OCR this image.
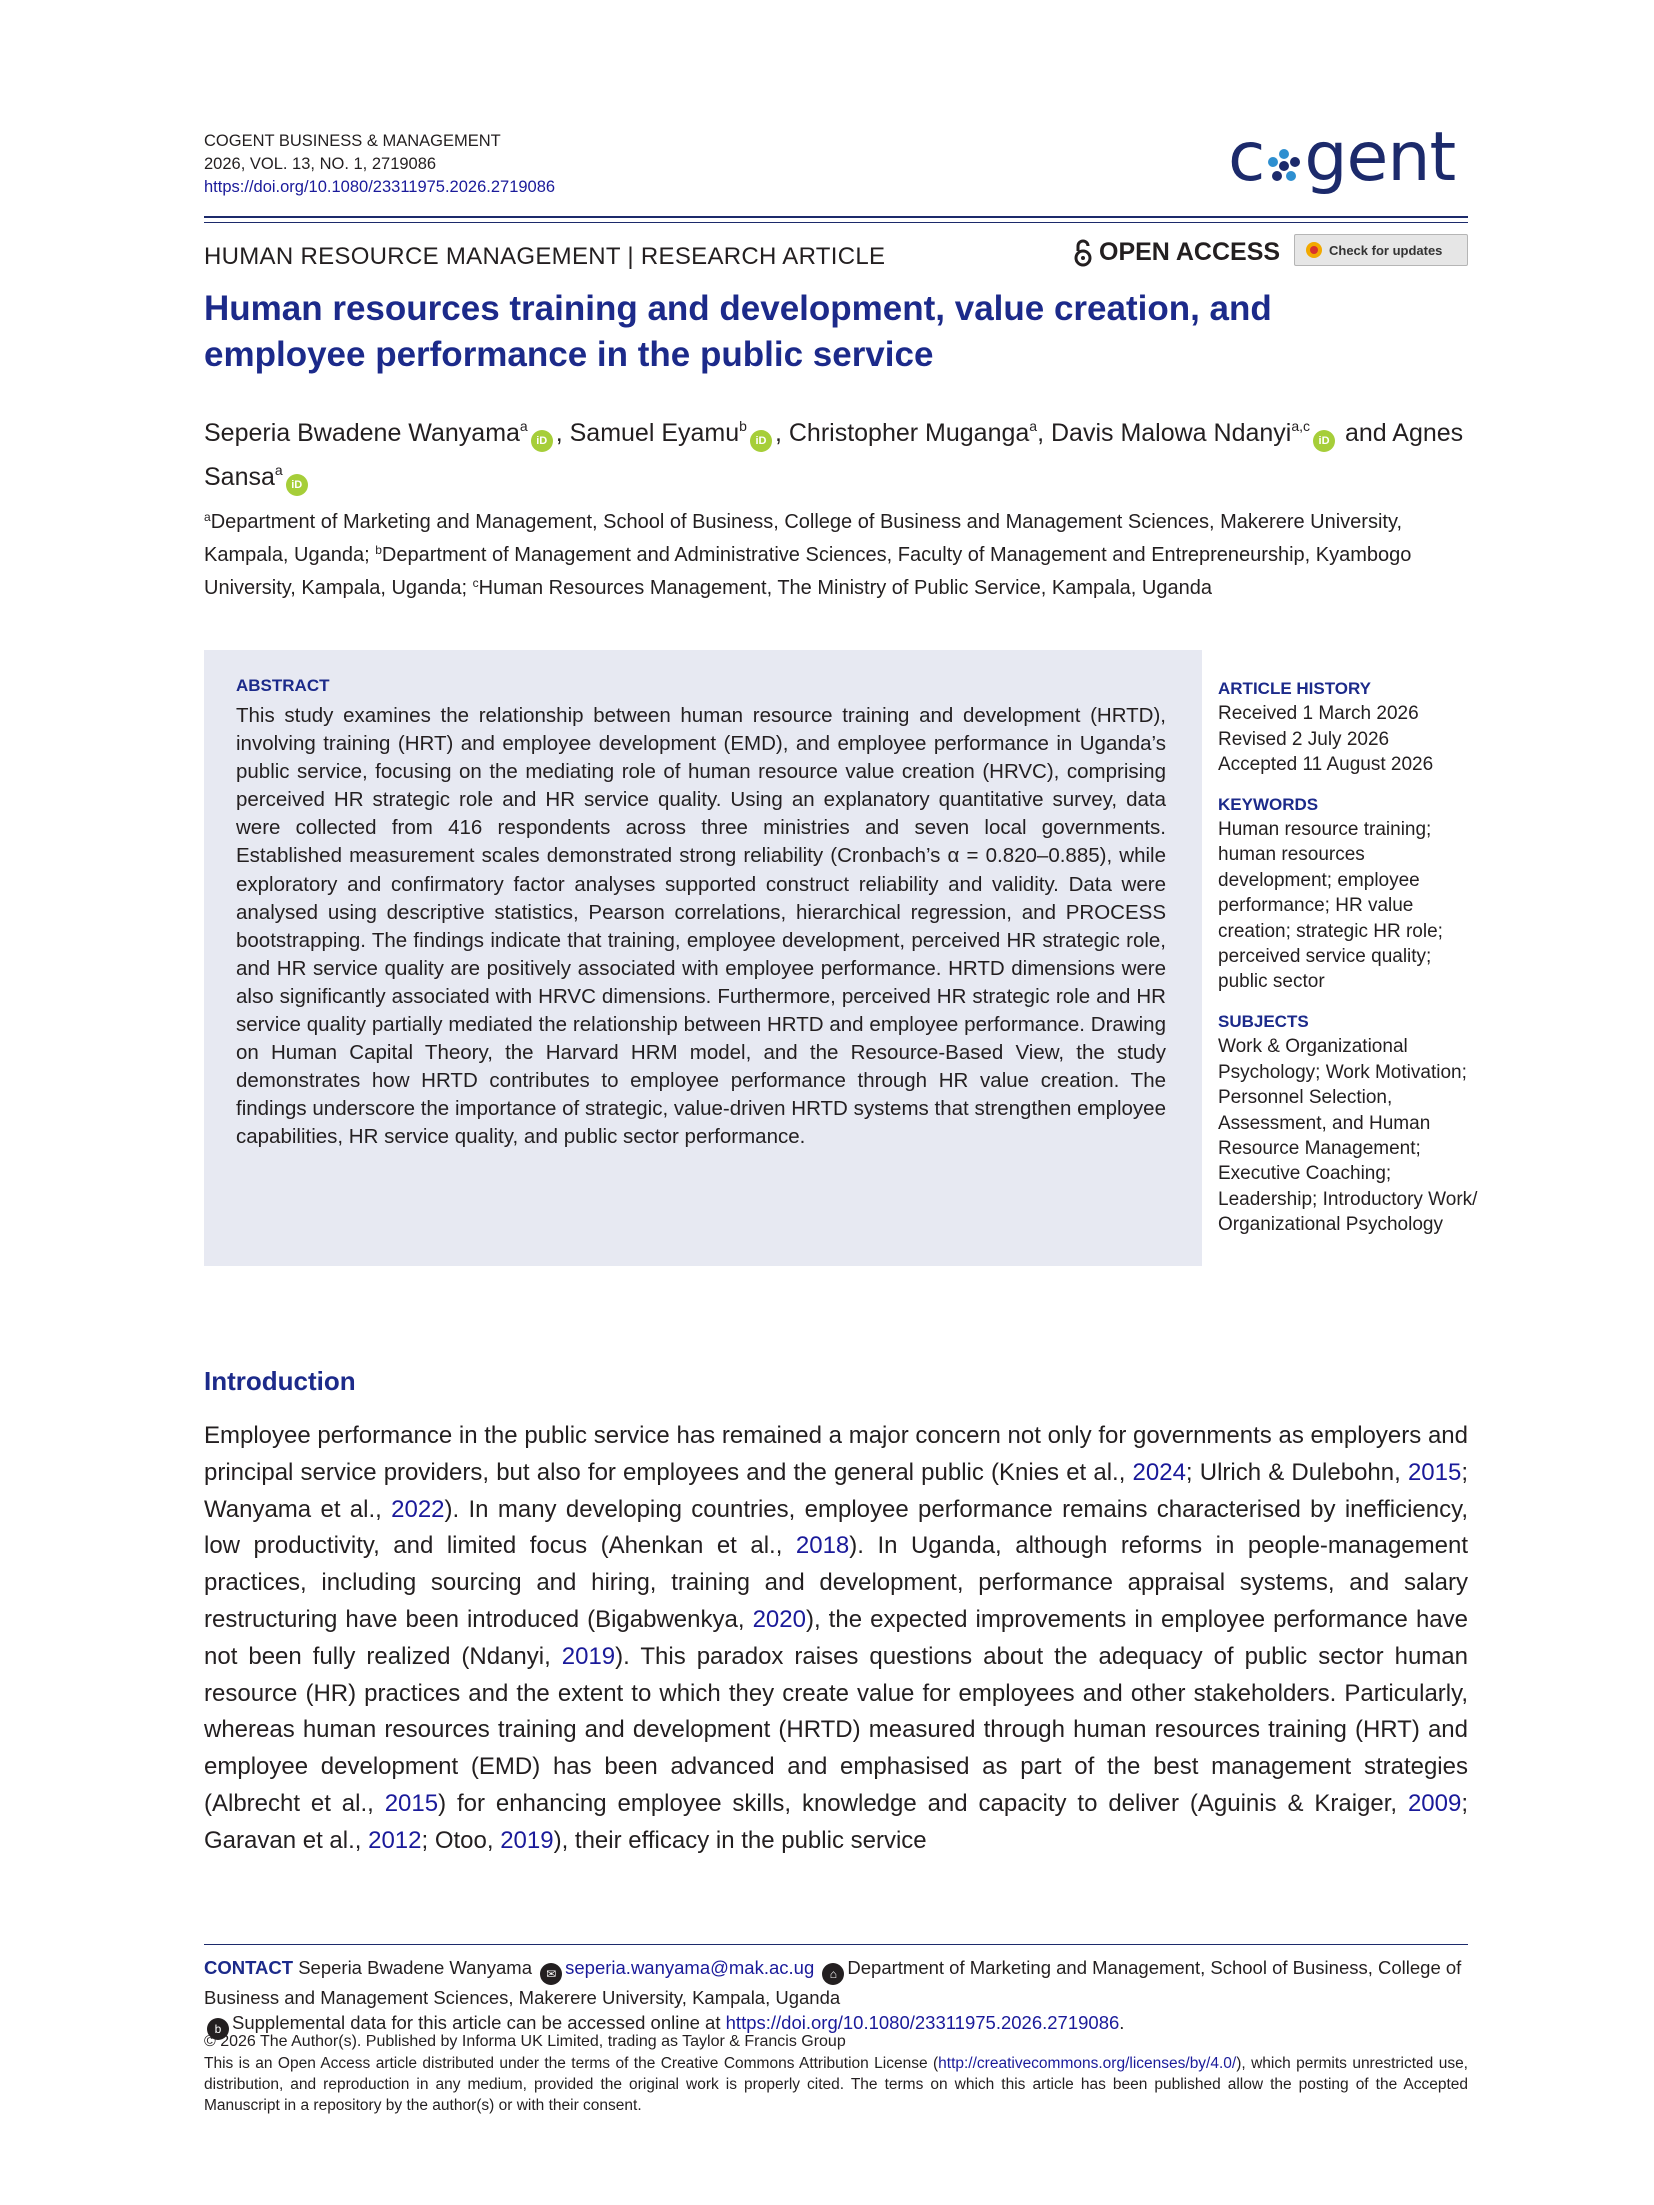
COGENT BUSINESS & MANAGEMENT
2026, VOL. 13, NO. 1, 2719086
https://doi.org/10.1080/23311975.2026.2719086	c gent
HUMAN RESOURCE MANAGEMENT | RESEARCH ARTICLE	OPEN ACCESS	Check for updates
Human resources training and development, value creation, and
employee performance in the public service
Seperia Bwadene Wanyama$^a$iD , Samuel Eyamu$^b$iD , Christopher Muganga$^a$, Davis Malowa Ndanyi$^{a,c}$iD and Agnes Sansa$^a$iD
$^a$Department of Marketing and Management, School of Business, College of Business and Management Sciences, Makerere University, Kampala, Uganda; $^b$Department of Management and Administrative Sciences, Faculty of Management and Entrepreneurship, Kyambogo University, Kampala, Uganda; $^c$Human Resources Management, The Ministry of Public Service, Kampala, Uganda
ABSTRACT
This study examines the relationship between human resource training and development (HRTD), involving training (HRT) and employee development (EMD), and employee performance in Uganda’s public service, focusing on the mediating role of human resource value creation (HRVC), comprising perceived HR strategic role and HR service quality. Using an explanatory quantitative survey, data were collected from 416 respondents across three ministries and seven local governments. Established measurement scales demonstrated strong reliability (Cronbach’s α = 0.820–0.885), while exploratory and confirmatory factor analyses supported construct reliability and validity. Data were analysed using descriptive statistics, Pearson correlations, hierarchical regression, and PROCESS bootstrapping. The findings indicate that training, employee development, perceived HR strategic role, and HR service quality are positively associated with employee performance. HRTD dimensions were also significantly associated with HRVC dimensions. Furthermore, perceived HR strategic role and HR service quality partially mediated the relationship between HRTD and employee performance. Drawing on Human Capital Theory, the Harvard HRM model, and the Resource-Based View, the study demonstrates how HRTD contributes to employee performance through HR value creation. The findings underscore the importance of strategic, value-driven HRTD systems that strengthen employee capabilities, HR service quality, and public sector performance.
ARTICLE HISTORY
Received 1 March 2026
Revised 2 July 2026
Accepted 11 August 2026
KEYWORDS
Human resource training; human resources development; employee performance; HR value creation; strategic HR role; perceived service quality; public sector
SUBJECTS
Work & Organizational Psychology; Work Motivation; Personnel Selection, Assessment, and Human Resource Management; Executive Coaching; Leadership; Introductory Work/ Organizational Psychology
Introduction
Employee performance in the public service has remained a major concern not only for governments as employers and principal service providers, but also for employees and the general public (Knies et al., 2024; Ulrich & Dulebohn, 2015; Wanyama et al., 2022). In many developing countries, employee performance remains characterised by inefficiency, low productivity, and limited focus (Ahenkan et al., 2018). In Uganda, although reforms in people-management practices, including sourcing and hiring, training and development, performance appraisal systems, and salary restructuring have been introduced (Bigabwenkya, 2020), the expected improvements in employee performance have not been fully realized (Ndanyi, 2019). This paradox raises questions about the adequacy of public sector human resource (HR) practices and the extent to which they create value for employees and other stakeholders. Particularly, whereas human resources training and development (HRTD) measured through human resources training (HRT) and employee development (EMD) has been advanced and emphasised as part of the best management strategies (Albrecht et al., 2015) for enhancing employee skills, knowledge and capacity to deliver (Aguinis & Kraiger, 2009; Garavan et al., 2012; Otoo, 2019), their efficacy in the public service
CONTACT Seperia Bwadene Wanyama ✉ seperia.wanyama@mak.ac.ug ⌂ Department of Marketing and Management, School of Business, College of Business and Management Sciences, Makerere University, Kampala, Uganda
b Supplemental data for this article can be accessed online at https://doi.org/10.1080/23311975.2026.2719086.
© 2026 The Author(s). Published by Informa UK Limited, trading as Taylor & Francis Group
This is an Open Access article distributed under the terms of the Creative Commons Attribution License (http://creativecommons.org/licenses/by/4.0/), which permits unrestricted use, distribution, and reproduction in any medium, provided the original work is properly cited. The terms on which this article has been published allow the posting of the Accepted Manuscript in a repository by the author(s) or with their consent.
